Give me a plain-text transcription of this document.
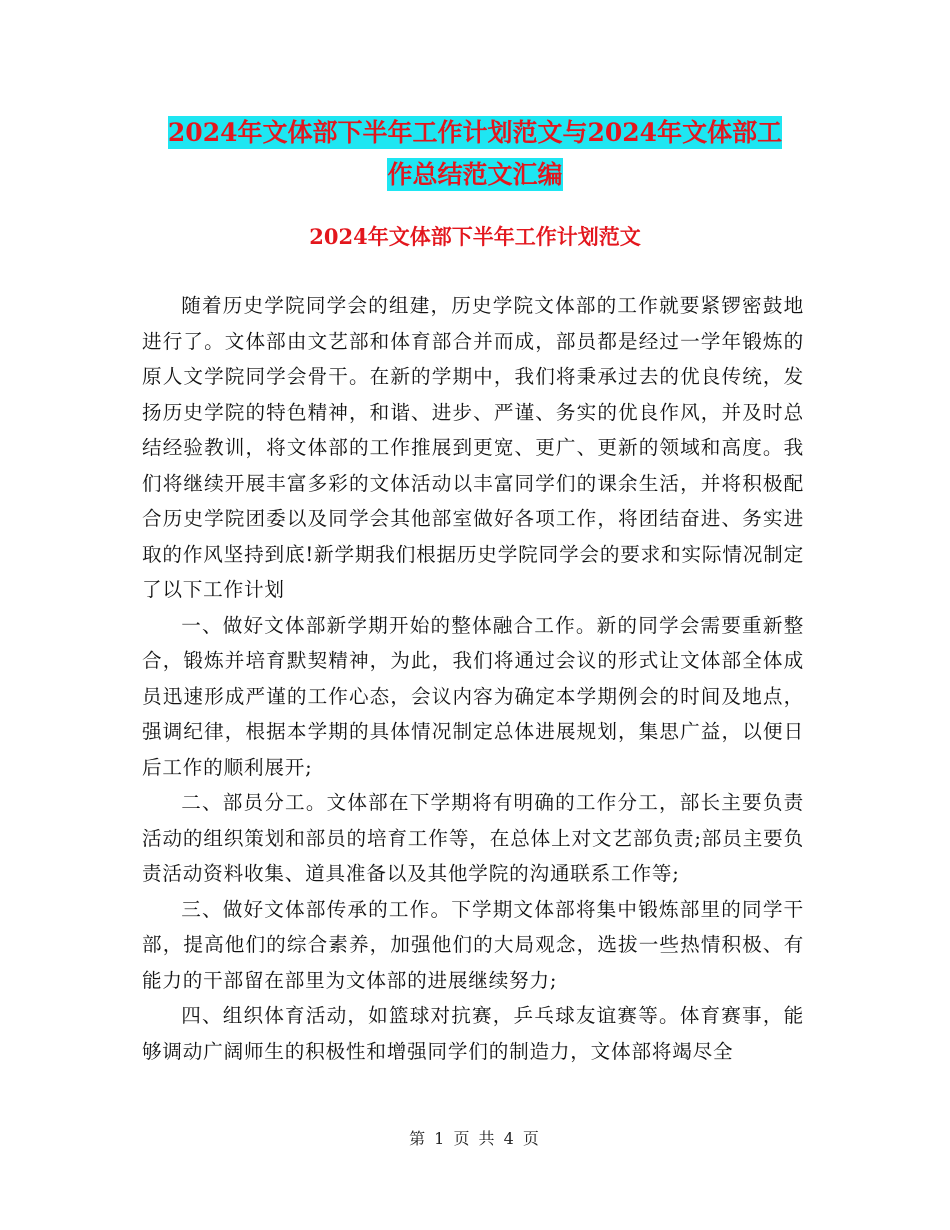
2024年文体部下半年工作计划范文与2024年文体部工
作总结范文汇编
2024年文体部下半年工作计划范文

随着历史学院同学会的组建，历史学院文体部的工作就要紧锣密鼓地进行了。文体部由文艺部和体育部合并而成，部员都是经过一学年锻炼的原人文学院同学会骨干。在新的学期中，我们将秉承过去的优良传统，发扬历史学院的特色精神，和谐、进步、严谨、务实的优良作风，并及时总结经验教训，将文体部的工作推展到更宽、更广、更新的领域和高度。我们将继续开展丰富多彩的文体活动以丰富同学们的课余生活，并将积极配合历史学院团委以及同学会其他部室做好各项工作，将团结奋进、务实进取的作风坚持到底!新学期我们根据历史学院同学会的要求和实际情况制定了以下工作计划

一、做好文体部新学期开始的整体融合工作。新的同学会需要重新整合，锻炼并培育默契精神，为此，我们将通过会议的形式让文体部全体成员迅速形成严谨的工作心态，会议内容为确定本学期例会的时间及地点，强调纪律，根据本学期的具体情况制定总体进展规划，集思广益，以便日后工作的顺利展开;

二、部员分工。文体部在下学期将有明确的工作分工，部长主要负责活动的组织策划和部员的培育工作等，在总体上对文艺部负责;部员主要负责活动资料收集、道具准备以及其他学院的沟通联系工作等;

三、做好文体部传承的工作。下学期文体部将集中锻炼部里的同学干部，提高他们的综合素养，加强他们的大局观念，选拔一些热情积极、有能力的干部留在部里为文体部的进展继续努力;

四、组织体育活动，如篮球对抗赛，乒乓球友谊赛等。体育赛事，能够调动广阔师生的积极性和增强同学们的制造力，文体部将竭尽全

第 1 页 共 4 页
